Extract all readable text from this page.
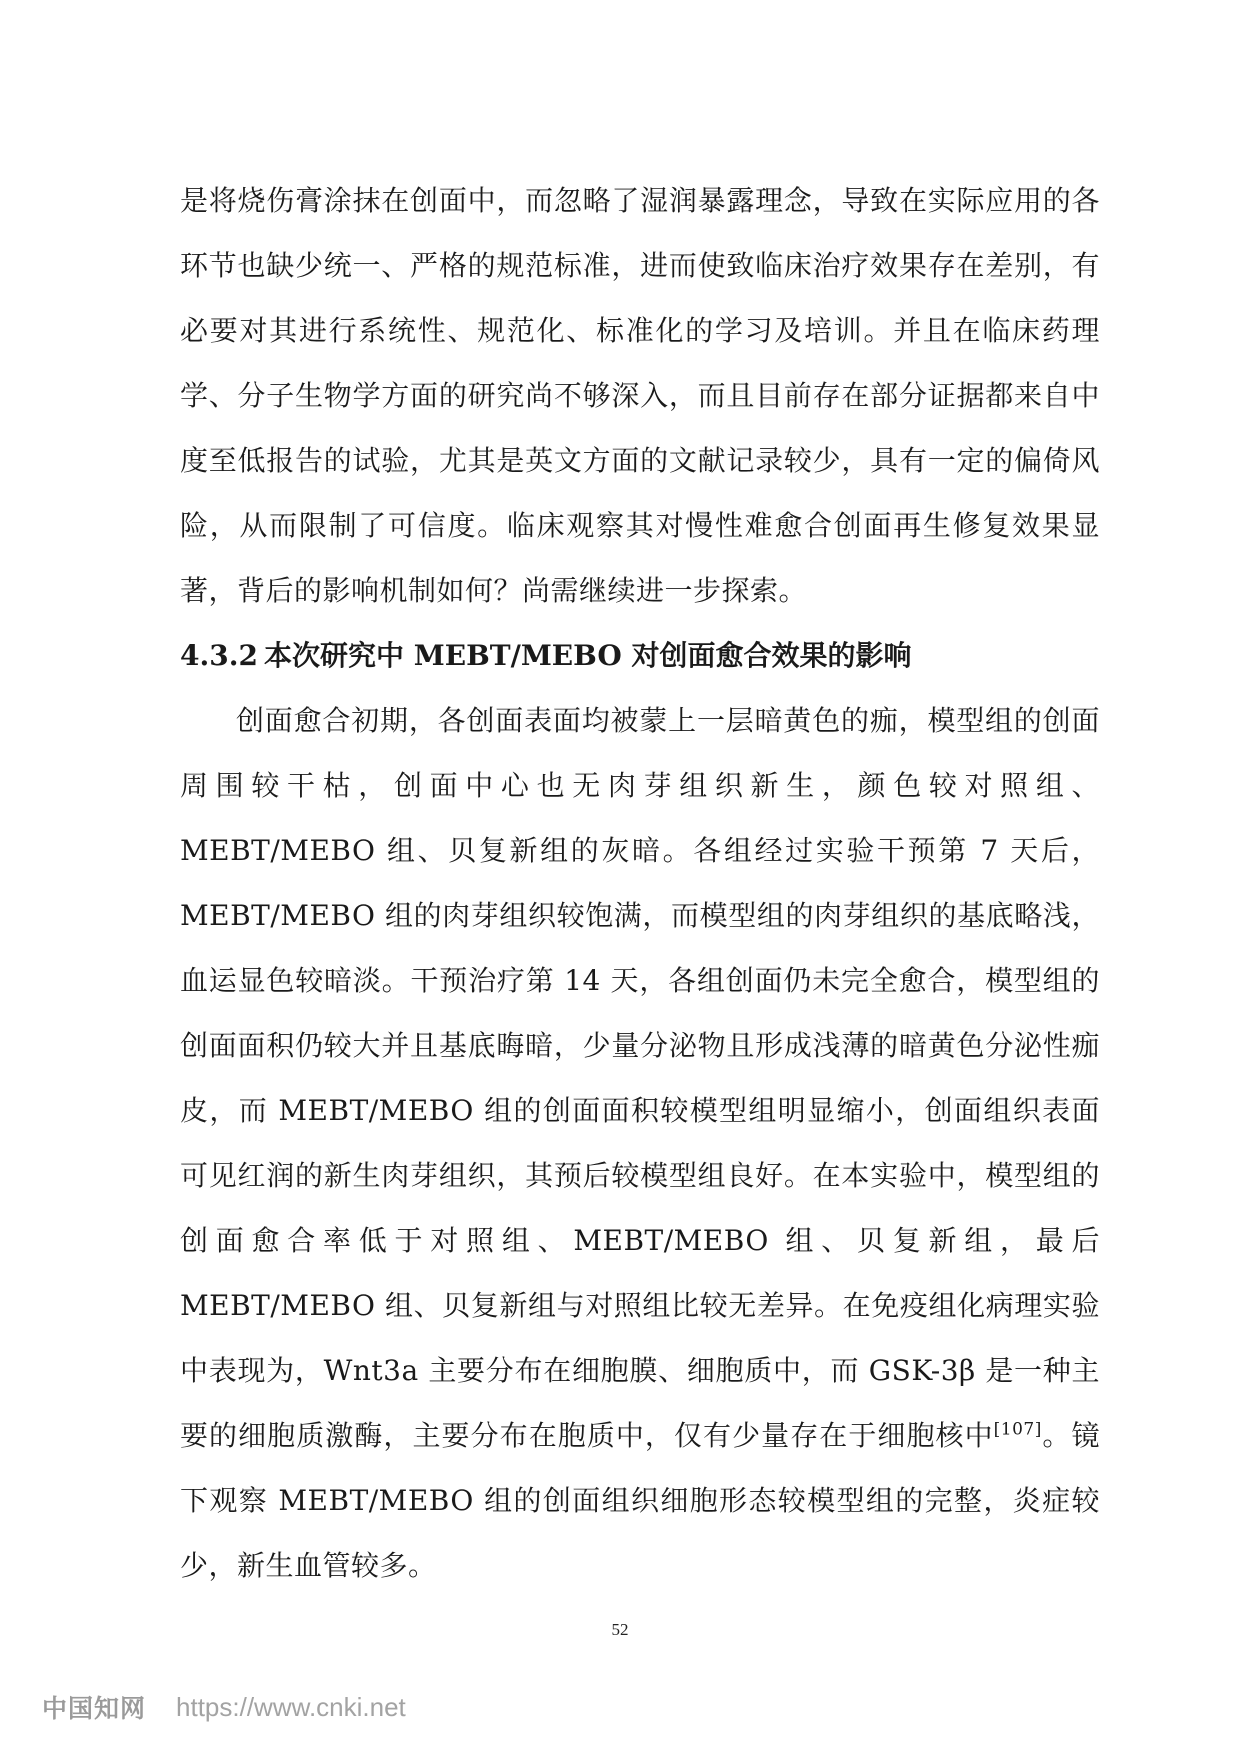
是将烧伤膏涂抹在创面中，而忽略了湿润暴露理念，导致在实际应用的各环节也缺少统一、严格的规范标准，进而使致临床治疗效果存在差别，有必要对其进行系统性、规范化、标准化的学习及培训。并且在临床药理学、分子生物学方面的研究尚不够深入，而且目前存在部分证据都来自中度至低报告的试验，尤其是英文方面的文献记录较少，具有一定的偏倚风险，从而限制了可信度。临床观察其对慢性难愈合创面再生修复效果显著，背后的影响机制如何？尚需继续进一步探索。

4.3.2 本次研究中 MEBT/MEBO 对创面愈合效果的影响

创面愈合初期，各创面表面均被蒙上一层暗黄色的痂，模型组的创面周围较干枯，创面中心也无肉芽组织新生，颜色较对照组、MEBT/MEBO 组、贝复新组的灰暗。各组经过实验干预第 7 天后，MEBT/MEBO 组的肉芽组织较饱满，而模型组的肉芽组织的基底略浅，血运显色较暗淡。干预治疗第 14 天，各组创面仍未完全愈合，模型组的创面面积仍较大并且基底晦暗，少量分泌物且形成浅薄的暗黄色分泌性痂皮，而 MEBT/MEBO 组的创面面积较模型组明显缩小，创面组织表面可见红润的新生肉芽组织，其预后较模型组良好。在本实验中，模型组的创面愈合率低于对照组、MEBT/MEBO 组、贝复新组，最后 MEBT/MEBO 组、贝复新组与对照组比较无差异。在免疫组化病理实验中表现为，Wnt3a 主要分布在细胞膜、细胞质中，而 GSK-3β 是一种主要的细胞质激酶，主要分布在胞质中，仅有少量存在于细胞核中[107]。镜下观察 MEBT/MEBO 组的创面组织细胞形态较模型组的完整，炎症较少，新生血管较多。

52
中国知网 https://www.cnki.net
